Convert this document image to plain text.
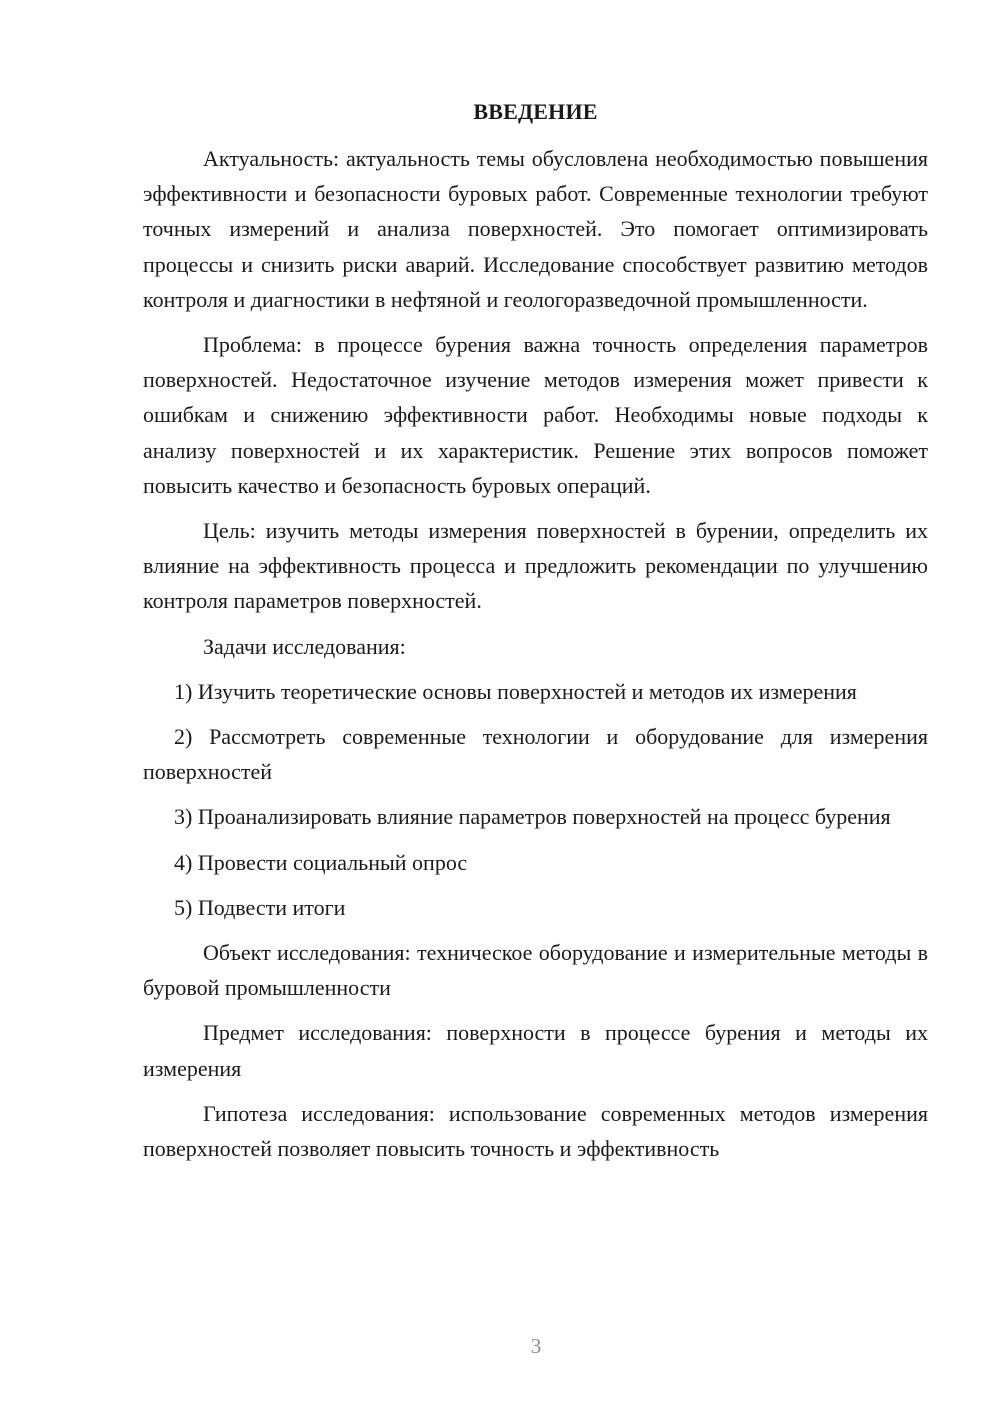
ВВЕДЕНИЕ

Актуальность: актуальность темы обусловлена необходимостью повышения эффективности и безопасности буровых работ. Современные технологии требуют точных измерений и анализа поверхностей. Это помогает оптимизировать процессы и снизить риски аварий. Исследование способствует развитию методов контроля и диагностики в нефтяной и геологоразведочной промышленности.

Проблема: в процессе бурения важна точность определения параметров поверхностей. Недостаточное изучение методов измерения может привести к ошибкам и снижению эффективности работ. Необходимы новые подходы к анализу поверхностей и их характеристик. Решение этих вопросов поможет повысить качество и безопасность буровых операций.

Цель: изучить методы измерения поверхностей в бурении, определить их влияние на эффективность процесса и предложить рекомендации по улучшению контроля параметров поверхностей.

Задачи исследования:

1) Изучить теоретические основы поверхностей и методов их измерения

2) Рассмотреть современные технологии и оборудование для измерения поверхностей

3) Проанализировать влияние параметров поверхностей на процесс бурения

4) Провести социальный опрос

5) Подвести итоги

Объект исследования: техническое оборудование и измерительные методы в буровой промышленности

Предмет исследования: поверхности в процессе бурения и методы их измерения

Гипотеза исследования: использование современных методов измерения поверхностей позволяет повысить точность и эффективность

3
